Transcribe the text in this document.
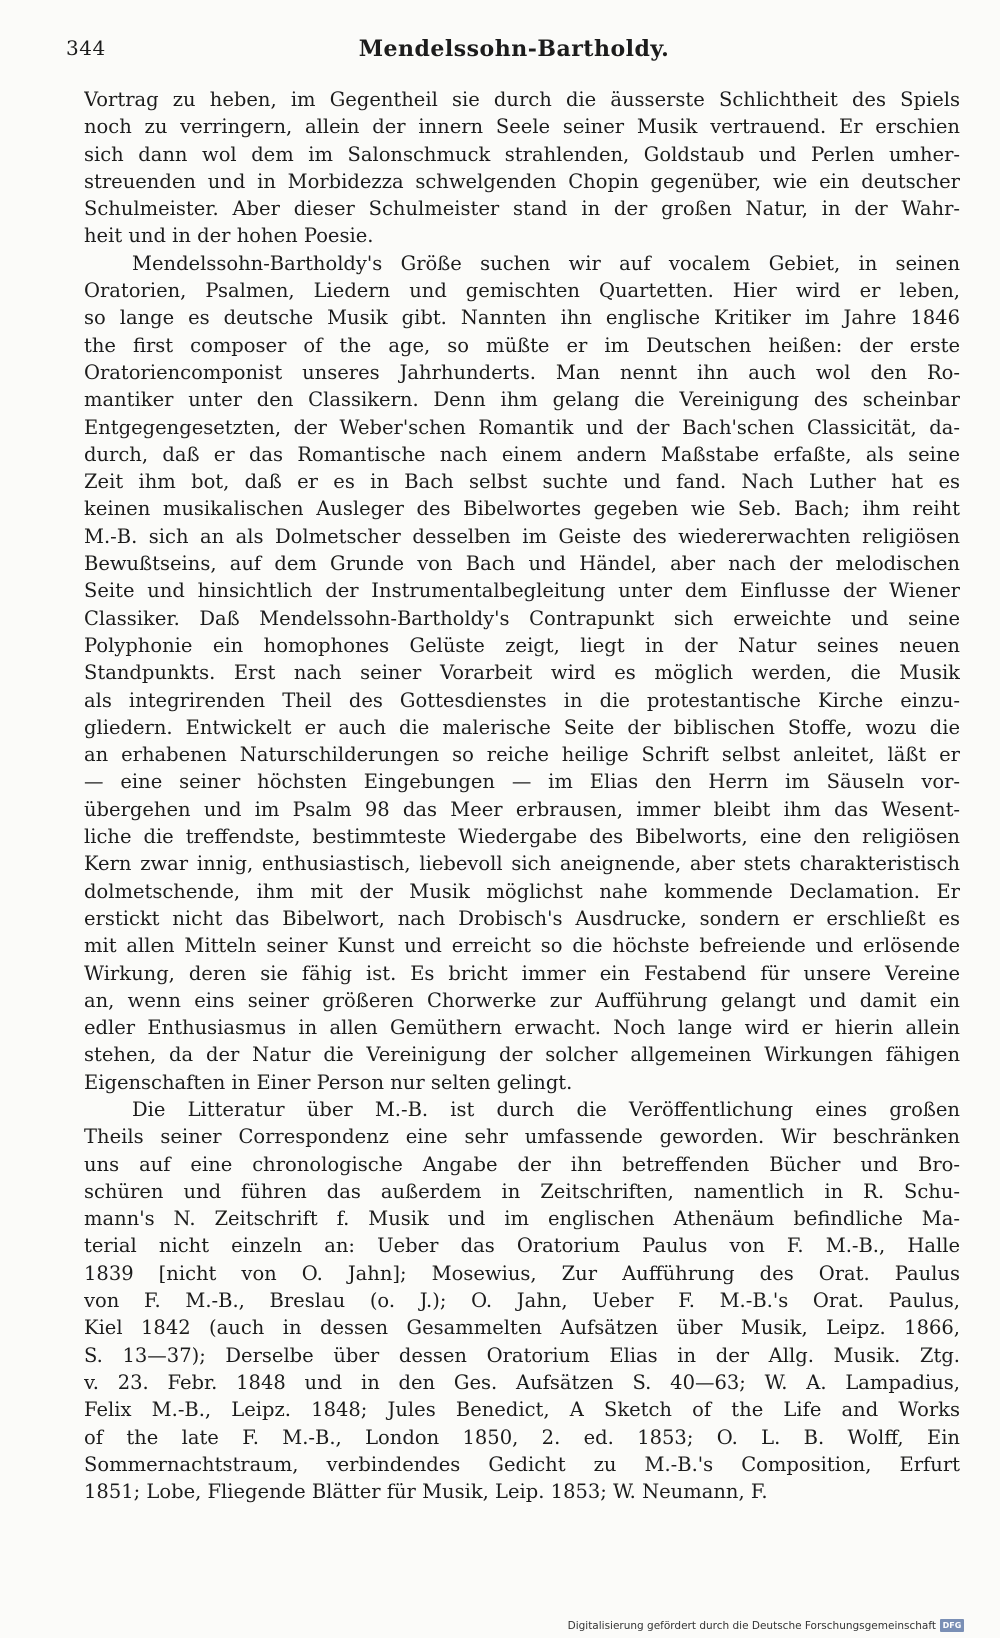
344	Mendelssohn-Bartholdy.
Vortrag zu heben, im Gegentheil sie durch die äusserste Schlichtheit des Spiels
noch zu verringern, allein der innern Seele seiner Musik vertrauend. Er erschien
sich dann wol dem im Salonschmuck strahlenden, Goldstaub und Perlen umher-
streuenden und in Morbidezza schwelgenden Chopin gegenüber, wie ein deutscher
Schulmeister. Aber dieser Schulmeister stand in der großen Natur, in der Wahr-
heit und in der hohen Poesie.
Mendelssohn-Bartholdy's Größe suchen wir auf vocalem Gebiet, in seinen
Oratorien, Psalmen, Liedern und gemischten Quartetten. Hier wird er leben,
so lange es deutsche Musik gibt. Nannten ihn englische Kritiker im Jahre 1846
the first composer of the age, so müßte er im Deutschen heißen: der erste
Oratoriencomponist unseres Jahrhunderts. Man nennt ihn auch wol den Ro-
mantiker unter den Classikern. Denn ihm gelang die Vereinigung des scheinbar
Entgegengesetzten, der Weber'schen Romantik und der Bach'schen Classicität, da-
durch, daß er das Romantische nach einem andern Maßstabe erfaßte, als seine
Zeit ihm bot, daß er es in Bach selbst suchte und fand. Nach Luther hat es
keinen musikalischen Ausleger des Bibelwortes gegeben wie Seb. Bach; ihm reiht
M.-B. sich an als Dolmetscher desselben im Geiste des wiedererwachten religiösen
Bewußtseins, auf dem Grunde von Bach und Händel, aber nach der melodischen
Seite und hinsichtlich der Instrumentalbegleitung unter dem Einflusse der Wiener
Classiker. Daß Mendelssohn-Bartholdy's Contrapunkt sich erweichte und seine
Polyphonie ein homophones Gelüste zeigt, liegt in der Natur seines neuen
Standpunkts. Erst nach seiner Vorarbeit wird es möglich werden, die Musik
als integrirenden Theil des Gottesdienstes in die protestantische Kirche einzu-
gliedern. Entwickelt er auch die malerische Seite der biblischen Stoffe, wozu die
an erhabenen Naturschilderungen so reiche heilige Schrift selbst anleitet, läßt er
— eine seiner höchsten Eingebungen — im Elias den Herrn im Säuseln vor-
übergehen und im Psalm 98 das Meer erbrausen, immer bleibt ihm das Wesent-
liche die treffendste, bestimmteste Wiedergabe des Bibelworts, eine den religiösen
Kern zwar innig, enthusiastisch, liebevoll sich aneignende, aber stets charakteristisch
dolmetschende, ihm mit der Musik möglichst nahe kommende Declamation. Er
erstickt nicht das Bibelwort, nach Drobisch's Ausdrucke, sondern er erschließt es
mit allen Mitteln seiner Kunst und erreicht so die höchste befreiende und erlösende
Wirkung, deren sie fähig ist. Es bricht immer ein Festabend für unsere Vereine
an, wenn eins seiner größeren Chorwerke zur Aufführung gelangt und damit ein
edler Enthusiasmus in allen Gemüthern erwacht. Noch lange wird er hierin allein
stehen, da der Natur die Vereinigung der solcher allgemeinen Wirkungen fähigen
Eigenschaften in Einer Person nur selten gelingt.
Die Litteratur über M.-B. ist durch die Veröffentlichung eines großen
Theils seiner Correspondenz eine sehr umfassende geworden. Wir beschränken
uns auf eine chronologische Angabe der ihn betreffenden Bücher und Bro-
schüren und führen das außerdem in Zeitschriften, namentlich in R. Schu-
mann's N. Zeitschrift f. Musik und im englischen Athenäum befindliche Ma-
terial nicht einzeln an: Ueber das Oratorium Paulus von F. M.-B., Halle
1839 [nicht von O. Jahn]; Mosewius, Zur Aufführung des Orat. Paulus
von F. M.-B., Breslau (o. J.); O. Jahn, Ueber F. M.-B.'s Orat. Paulus,
Kiel 1842 (auch in dessen Gesammelten Aufsätzen über Musik, Leipz. 1866,
S. 13—37); Derselbe über dessen Oratorium Elias in der Allg. Musik. Ztg.
v. 23. Febr. 1848 und in den Ges. Aufsätzen S. 40—63; W. A. Lampadius,
Felix M.-B., Leipz. 1848; Jules Benedict, A Sketch of the Life and Works
of the late F. M.-B., London 1850, 2. ed. 1853; O. L. B. Wolff, Ein
Sommernachtstraum, verbindendes Gedicht zu M.-B.'s Composition, Erfurt
1851; Lobe, Fliegende Blätter für Musik, Leip. 1853; W. Neumann, F.
Digitalisierung gefördert durch die Deutsche Forschungsgemeinschaft DFG
